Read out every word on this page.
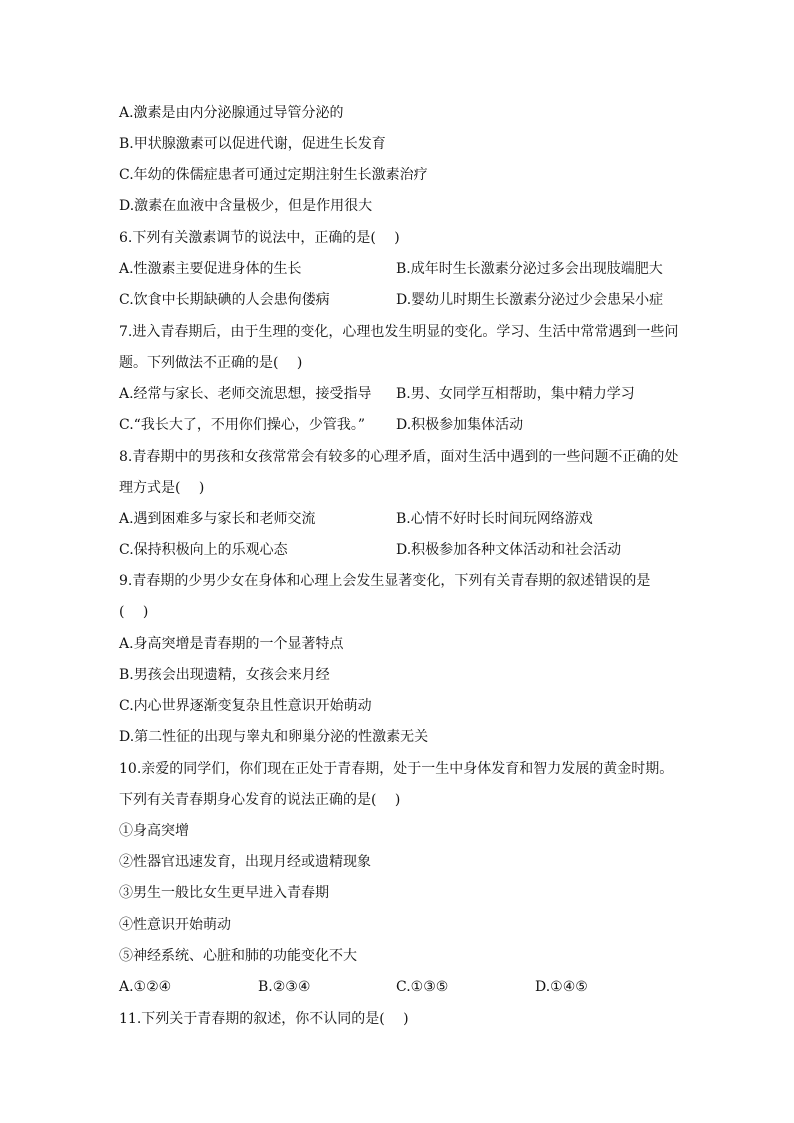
A.激素是由内分泌腺通过导管分泌的
B.甲状腺激素可以促进代谢，促进生长发育
C.年幼的侏儒症患者可通过定期注射生长激素治疗
D.激素在血液中含量极少，但是作用很大
6.下列有关激素调节的说法中，正确的是(　 )
A.性激素主要促进身体的生长	B.成年时生长激素分泌过多会出现肢端肥大
C.饮食中长期缺碘的人会患佝偻病	D.婴幼儿时期生长激素分泌过少会患呆小症
7.进入青春期后，由于生理的变化，心理也发生明显的变化。学习、生活中常常遇到一些问
题。下列做法不正确的是(　 )
A.经常与家长、老师交流思想，接受指导 B.男、女同学互相帮助，集中精力学习
C.“我长大了，不用你们操心，少管我。” D.积极参加集体活动
8.青春期中的男孩和女孩常常会有较多的心理矛盾，面对生活中遇到的一些问题不正确的处
理方式是(　 )
A.遇到困难多与家长和老师交流	B.心情不好时长时间玩网络游戏
C.保持积极向上的乐观心态	D.积极参加各种文体活动和社会活动
9.青春期的少男少女在身体和心理上会发生显著变化，下列有关青春期的叙述错误的是
(　 )
A.身高突增是青春期的一个显著特点
B.男孩会出现遗精，女孩会来月经
C.内心世界逐渐变复杂且性意识开始萌动
D.第二性征的出现与睾丸和卵巢分泌的性激素无关
10.亲爱的同学们，你们现在正处于青春期，处于一生中身体发育和智力发展的黄金时期。
下列有关青春期身心发育的说法正确的是(　 )
①身高突增
②性器官迅速发育，出现月经或遗精现象
③男生一般比女生更早进入青春期
④性意识开始萌动
⑤神经系统、心脏和肺的功能变化不大
A.①②④	B.②③④	C.①③⑤	D.①④⑤
11.下列关于青春期的叙述，你不认同的是(　 )
